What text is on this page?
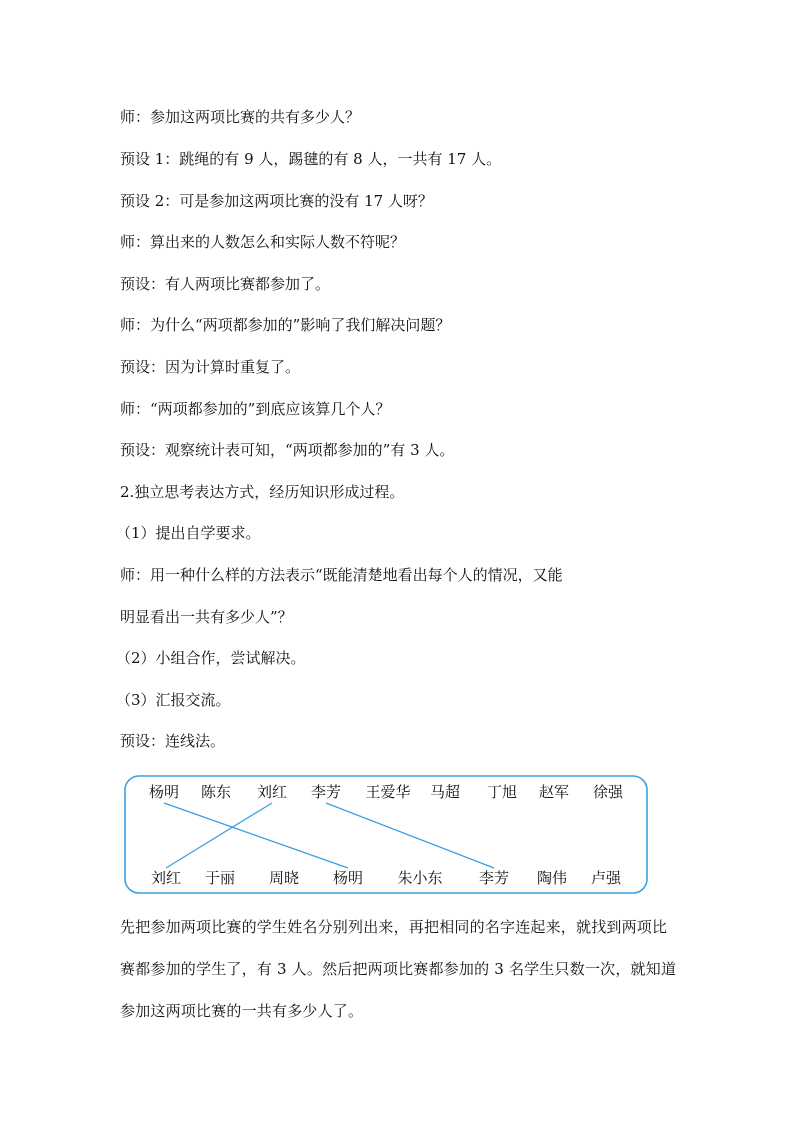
师：参加这两项比赛的共有多少人？
预设 1：跳绳的有 9 人，踢毽的有 8 人，一共有 17 人。
预设 2：可是参加这两项比赛的没有 17 人呀？
师：算出来的人数怎么和实际人数不符呢？
预设：有人两项比赛都参加了。
师：为什么“两项都参加的”影响了我们解决问题？
预设：因为计算时重复了。
师：“两项都参加的”到底应该算几个人？
预设：观察统计表可知，“两项都参加的”有 3 人。
2.独立思考表达方式，经历知识形成过程。
（1）提出自学要求。
师：用一种什么样的方法表示“既能清楚地看出每个人的情况，又能
明显看出一共有多少人”？
（2）小组合作，尝试解决。
（3）汇报交流。
预设：连线法。
杨明 陈东 刘红 李芳 王爱华 马超 丁旭 赵军 徐强
刘红 于丽 周晓 杨明 朱小东 李芳 陶伟 卢强
先把参加两项比赛的学生姓名分别列出来，再把相同的名字连起来，就找到两项比赛都参加的学生了，有 3 人。然后把两项比赛都参加的 3 名学生只数一次，就知道参加这两项比赛的一共有多少人了。
